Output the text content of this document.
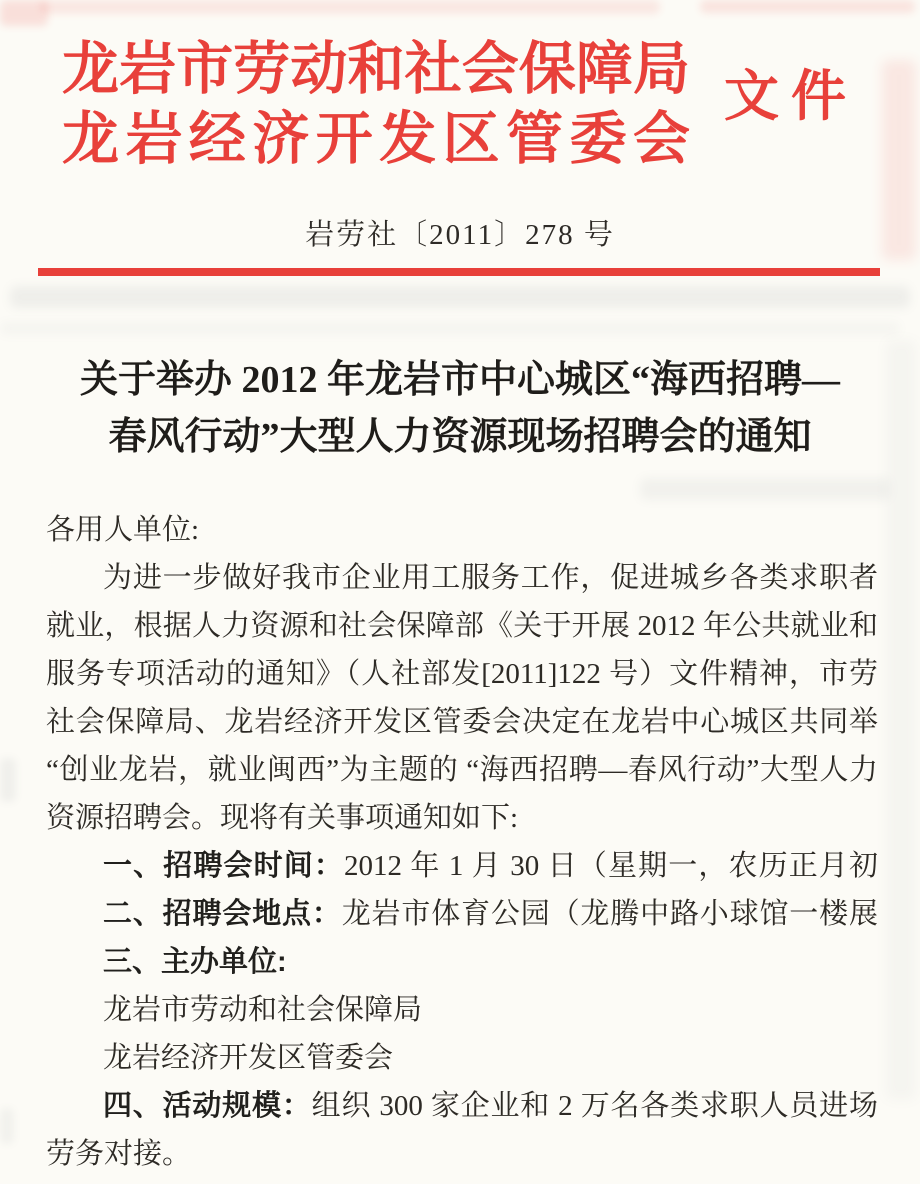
龙岩市劳动和社会保障局
龙岩经济开发区管委会
文件
岩劳社〔2011〕278 号
关于举办 2012 年龙岩市中心城区“海西招聘—
春风行动”大型人力资源现场招聘会的通知
各用人单位:
为进一步做好我市企业用工服务工作，促进城乡各类求职者
就业，根据人力资源和社会保障部《关于开展 2012 年公共就业和
服务专项活动的通知》（人社部发[2011]122 号）文件精神，市劳
社会保障局、龙岩经济开发区管委会决定在龙岩中心城区共同举
“创业龙岩，就业闽西”为主题的 “海西招聘—春风行动”大型人力
资源招聘会。现将有关事项通知如下:
一、招聘会时间：2012 年 1 月 30 日（星期一，农历正月初
二、招聘会地点：龙岩市体育公园（龙腾中路小球馆一楼展
三、主办单位:
龙岩市劳动和社会保障局
龙岩经济开发区管委会
四、活动规模：组织 300 家企业和 2 万名各类求职人员进场
劳务对接。
